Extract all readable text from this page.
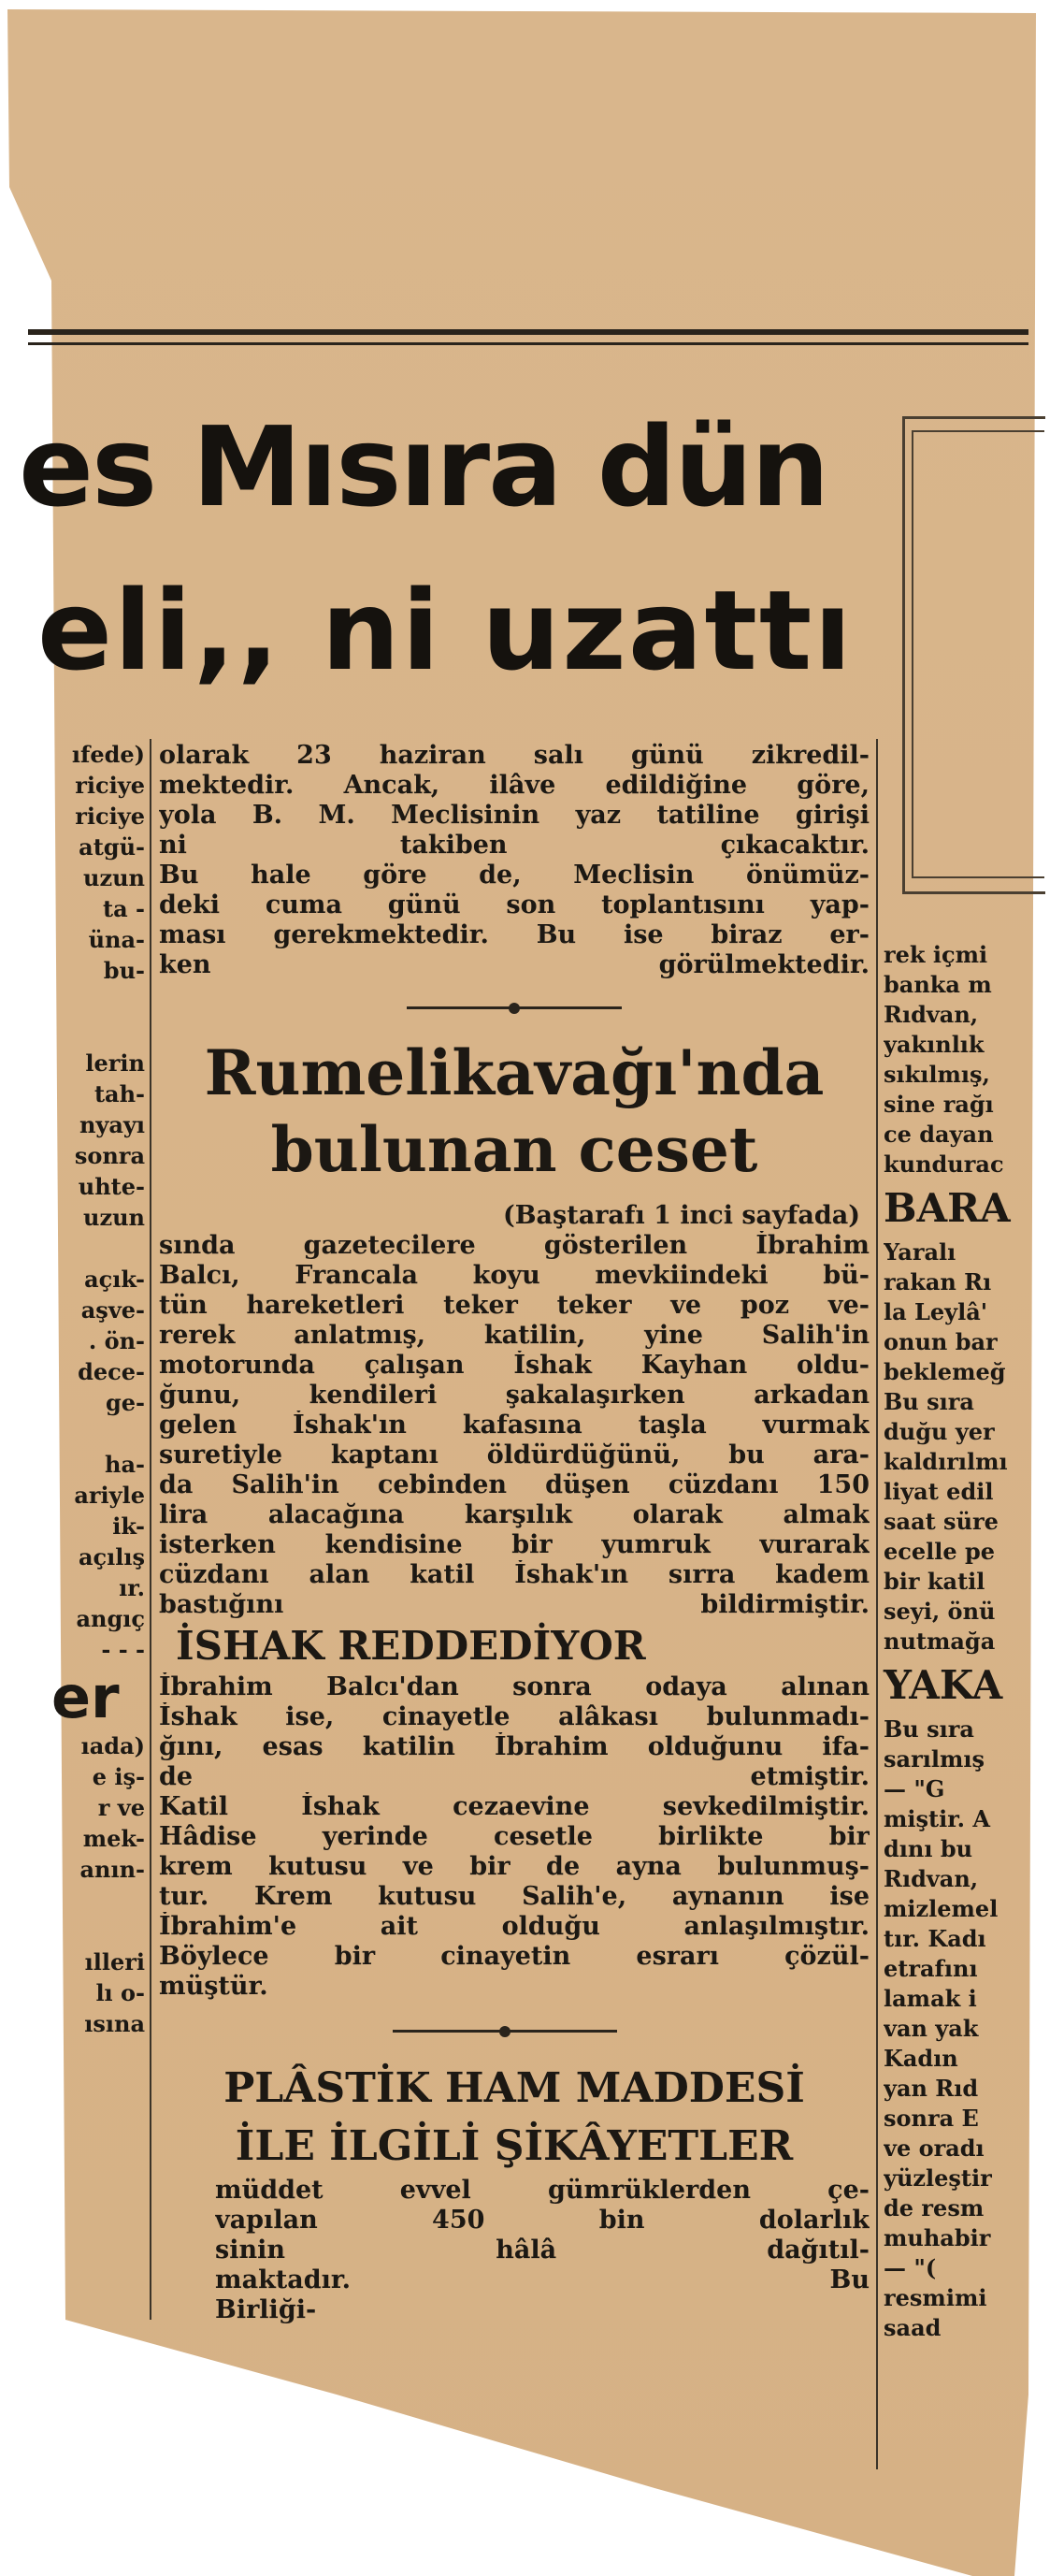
es Mısıra dün
eli,, ni uzattı
ıfede)
riciye
riciye
atgü-
uzun
ta -
üna-
bu-

lerin
tah-
nyayı
sonra
uhte-
uzun

açık-
aşve-
. ön-
dece-
ge-

ha-
ariyle
ik-
açılış
ır.
angıç
- - -
er
ıada)
e iş-
r ve
mek-
anın-

ılleri
lı o-
ısına
olarak 23 haziran salı günü zikredil-
mektedir. Ancak, ilâve edildiğine göre,
yola B. M. Meclisinin yaz tatiline girişi
ni takiben çıkacaktır.
Bu hale göre de, Meclisin önümüz-
deki cuma günü son toplantısını yap-
ması gerekmektedir. Bu ise biraz er-
ken görülmektedir.
Rumelikavağı'nda
bulunan ceset
(Baştarafı 1 inci sayfada)
sında gazetecilere gösterilen İbrahim
Balcı, Francala koyu mevkiindeki bü-
tün hareketleri teker teker ve poz ve-
rerek anlatmış, katilin, yine Salih'in
motorunda çalışan İshak Kayhan oldu-
ğunu, kendileri şakalaşırken arkadan
gelen İshak'ın kafasına taşla vurmak
suretiyle kaptanı öldürdüğünü, bu ara-
da Salih'in cebinden düşen cüzdanı 150
lira alacağına karşılık olarak almak
isterken kendisine bir yumruk vurarak
cüzdanı alan katil İshak'ın sırra kadem
bastığını bildirmiştir.
İSHAK REDDEDİYOR
İbrahim Balcı'dan sonra odaya alınan
İshak ise, cinayetle alâkası bulunmadı-
ğını, esas katilin İbrahim olduğunu ifa-
de etmiştir.
Katil İshak cezaevine sevkedilmiştir.
Hâdise yerinde cesetle birlikte bir
krem kutusu ve bir de ayna bulunmuş-
tur. Krem kutusu Salih'e, aynanın ise
İbrahim'e ait olduğu anlaşılmıştır.
Böylece bir cinayetin esrarı çözül-
müştür.
PLÂSTİK HAM MADDESİ
İLE İLGİLİ ŞİKÂYETLER
müddet evvel gümrüklerden çe-
vapılan 450 bin dolarlık
sinin hâlâ dağıtıl-
maktadır. Bu
Birliği-
rek içmi
banka m
Rıdvan,
yakınlık
sıkılmış,
sine rağı
ce dayan
kundurac
BARA
Yaralı
rakan Rı
la Leylâ'
onun bar
beklemeğ
Bu sıra
duğu yer
kaldırılmı
liyat edil
saat süre
ecelle pe
bir katil
seyi, önü
nutmağa
YAKA
Bu sıra
sarılmış
— "G
miştir. A
dını bu
Rıdvan,
mizlemel
tır. Kadı
etrafını
lamak i
van yak
Kadın
yan Rıd
sonra E
ve oradı
yüzleştir
de resm
muhabir
— "(
resmimi
saad
